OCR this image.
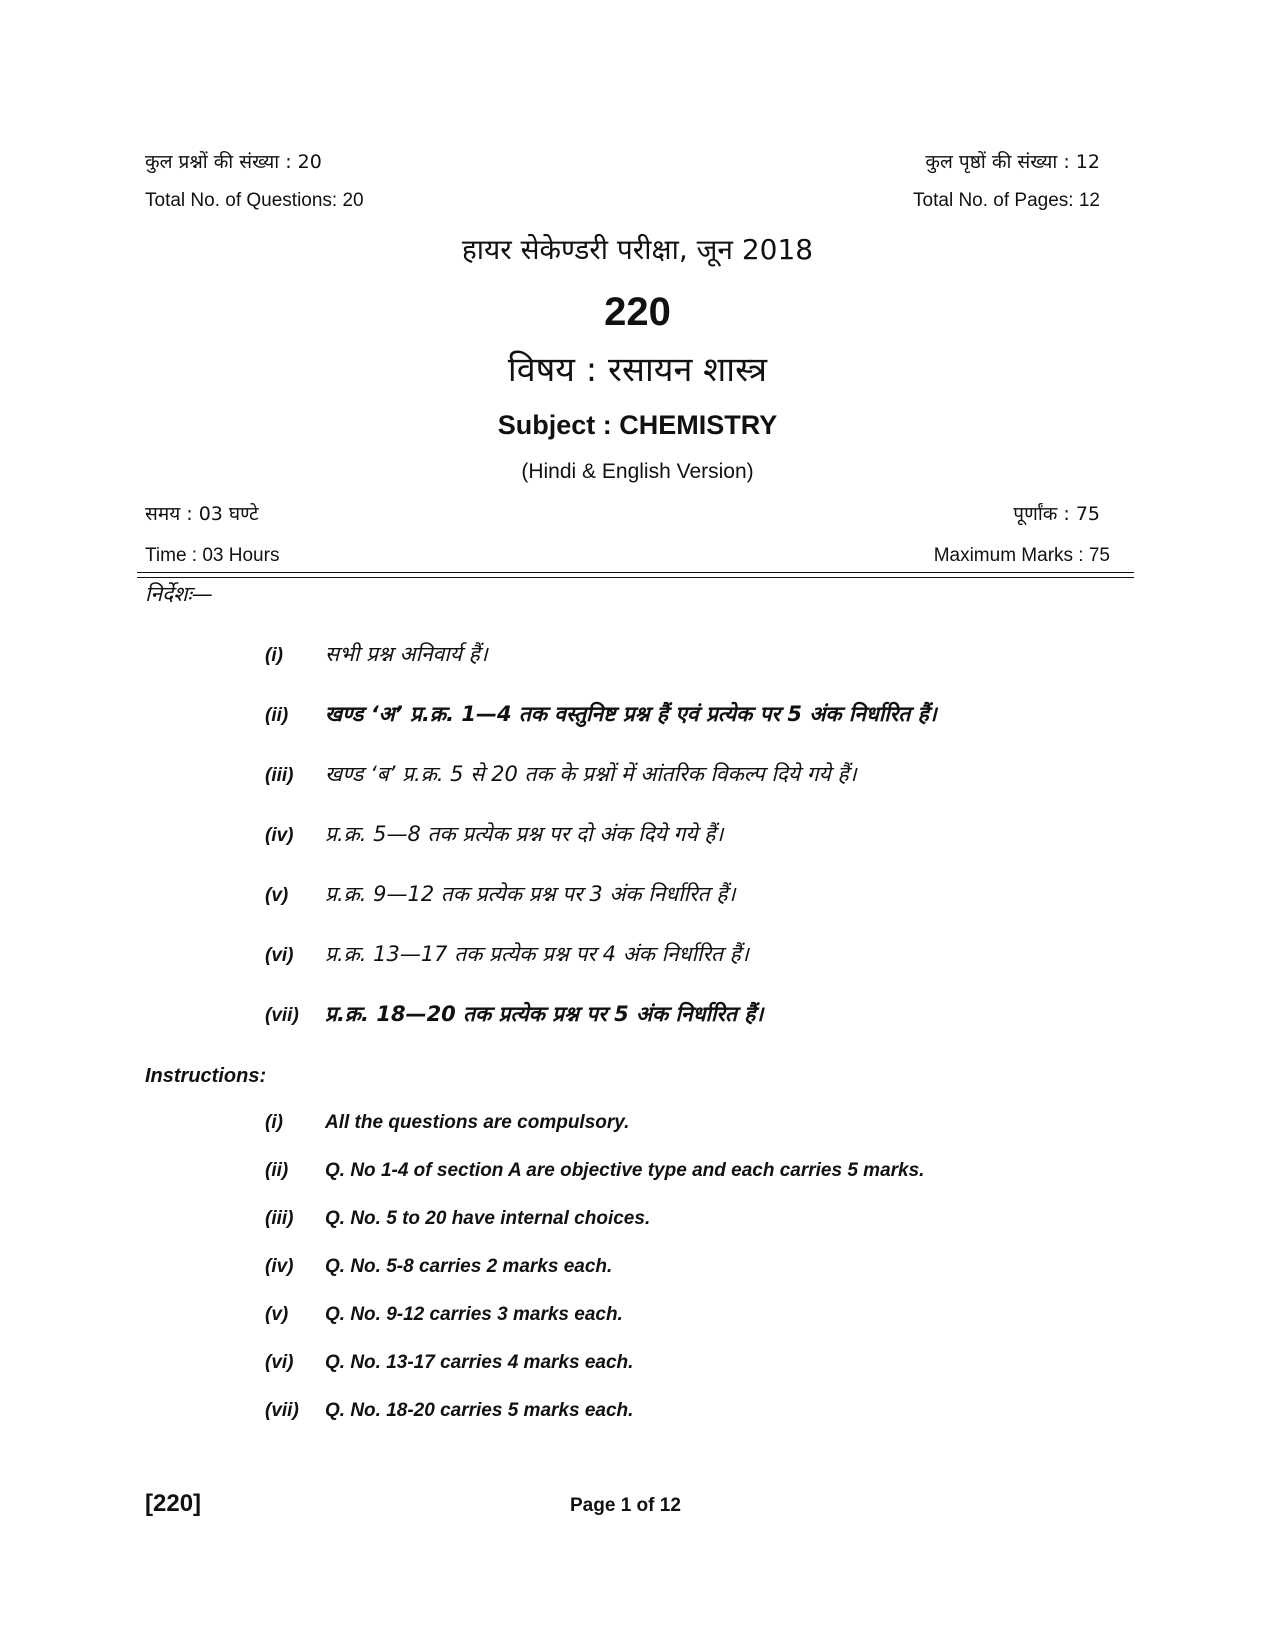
कुल प्रश्नों की संख्या : 20
Total No. of Questions: 20
कुल पृष्ठों की संख्या : 12
Total No. of Pages: 12
हायर सेकेण्डरी परीक्षा, जून 2018
220
विषय : रसायन शास्त्र
Subject : CHEMISTRY
(Hindi & English Version)
समय : 03 घण्टे
Time : 03 Hours
पूर्णांक : 75
Maximum Marks : 75
निर्देशः—
(i)	सभी प्रश्न अनिवार्य हैं।
(ii)	खण्ड ‘अ’ प्र.क्र. 1—4 तक वस्तुनिष्ट प्रश्न हैं एवं प्रत्येक पर 5 अंक निर्धारित हैं।
(iii)	खण्ड ‘ब’ प्र.क्र. 5 से 20 तक के प्रश्नों में आंतरिक विकल्प दिये गये हैं।
(iv)	प्र.क्र. 5—8 तक प्रत्येक प्रश्न पर दो अंक दिये गये हैं।
(v)	प्र.क्र. 9—12 तक प्रत्येक प्रश्न पर 3 अंक निर्धारित हैं।
(vi)	प्र.क्र. 13—17 तक प्रत्येक प्रश्न पर 4 अंक निर्धारित हैं।
(vii)	प्र.क्र. 18—20 तक प्रत्येक प्रश्न पर 5 अंक निर्धारित हैं।
Instructions:
(i)	All the questions are compulsory.
(ii)	Q. No 1-4 of section A are objective type and each carries 5 marks.
(iii)	Q. No. 5 to 20 have internal choices.
(iv)	Q. No. 5-8 carries 2 marks each.
(v)	Q. No. 9-12 carries 3 marks each.
(vi)	Q. No. 13-17 carries 4 marks each.
(vii)	Q. No. 18-20 carries 5 marks each.
[220]	Page 1 of 12
